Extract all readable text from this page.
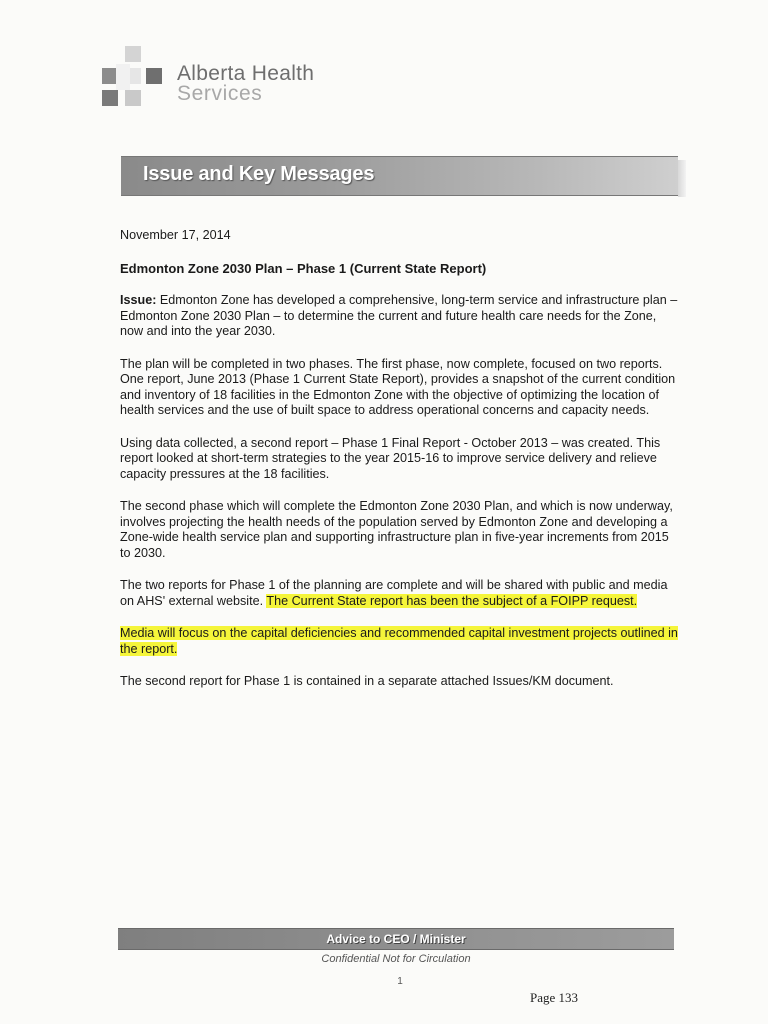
Alberta Health
Services
Issue and Key Messages

November 17, 2014

Edmonton Zone 2030 Plan – Phase 1 (Current State Report)

Issue: Edmonton Zone has developed a comprehensive, long-term service and infrastructure plan – Edmonton Zone 2030 Plan – to determine the current and future health care needs for the Zone, now and into the year 2030.

The plan will be completed in two phases. The first phase, now complete, focused on two reports. One report, June 2013 (Phase 1 Current State Report), provides a snapshot of the current condition and inventory of 18 facilities in the Edmonton Zone with the objective of optimizing the location of health services and the use of built space to address operational concerns and capacity needs.

Using data collected, a second report – Phase 1 Final Report - October 2013 – was created. This report looked at short-term strategies to the year 2015-16 to improve service delivery and relieve capacity pressures at the 18 facilities.

The second phase which will complete the Edmonton Zone 2030 Plan, and which is now underway, involves projecting the health needs of the population served by Edmonton Zone and developing a Zone-wide health service plan and supporting infrastructure plan in five-year increments from 2015 to 2030.

The two reports for Phase 1 of the planning are complete and will be shared with public and media on AHS' external website. The Current State report has been the subject of a FOIPP request.

Media will focus on the capital deficiencies and recommended capital investment projects outlined in the report.

The second report for Phase 1 is contained in a separate attached Issues/KM document.

Advice to CEO / Minister
Confidential Not for Circulation
1
Page 133
